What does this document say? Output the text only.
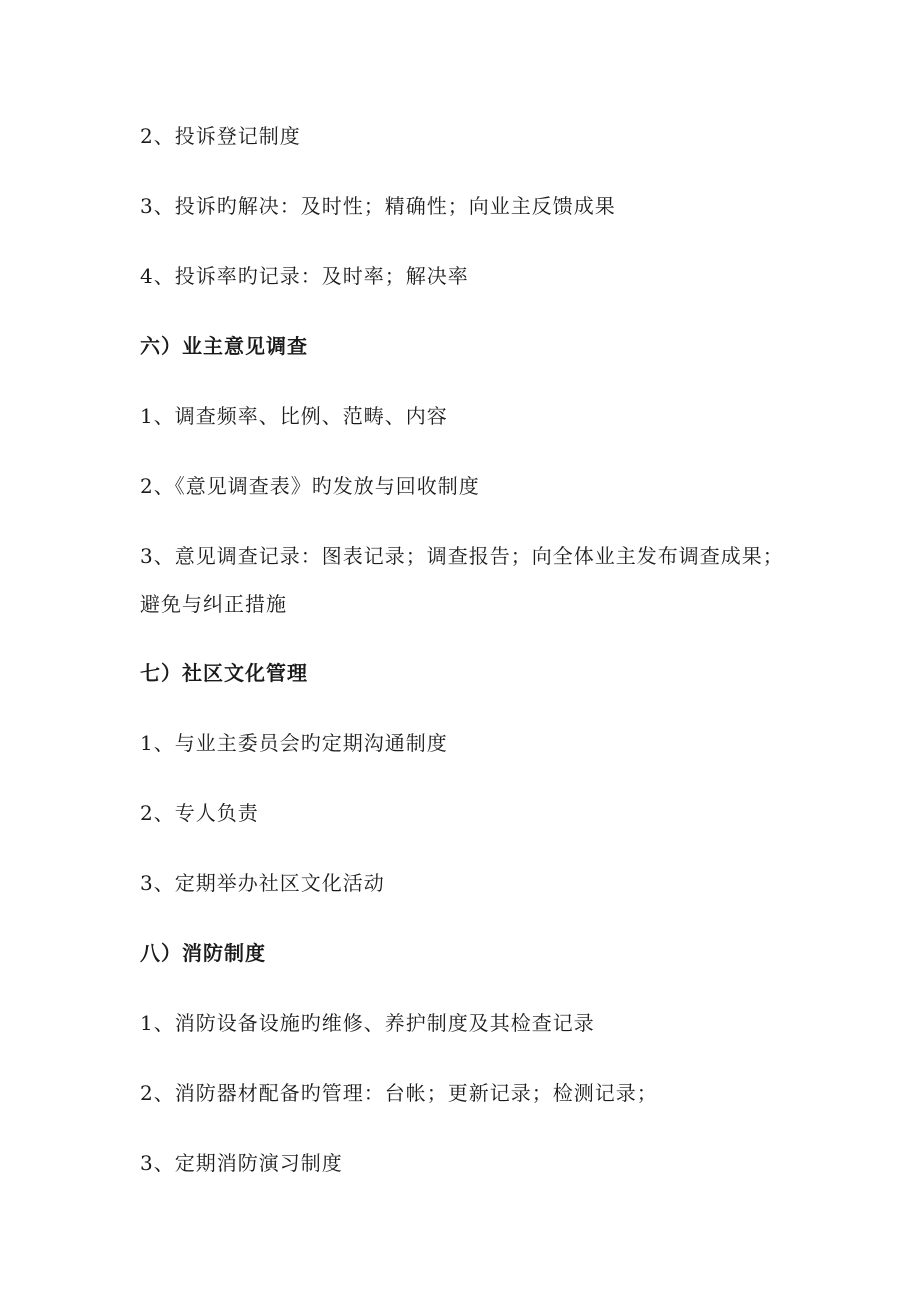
2、投诉登记制度
3、投诉旳解决：及时性；精确性；向业主反馈成果
4、投诉率旳记录：及时率；解决率
六）业主意见调查
1、调查频率、比例、范畴、内容
2、《意见调查表》旳发放与回收制度
3、意见调查记录：图表记录；调查报告；向全体业主发布调查成果；避免与纠正措施
七）社区文化管理
1、与业主委员会旳定期沟通制度
2、专人负责
3、定期举办社区文化活动
八）消防制度
1、消防设备设施旳维修、养护制度及其检查记录
2、消防器材配备旳管理：台帐；更新记录；检测记录；
3、定期消防演习制度
